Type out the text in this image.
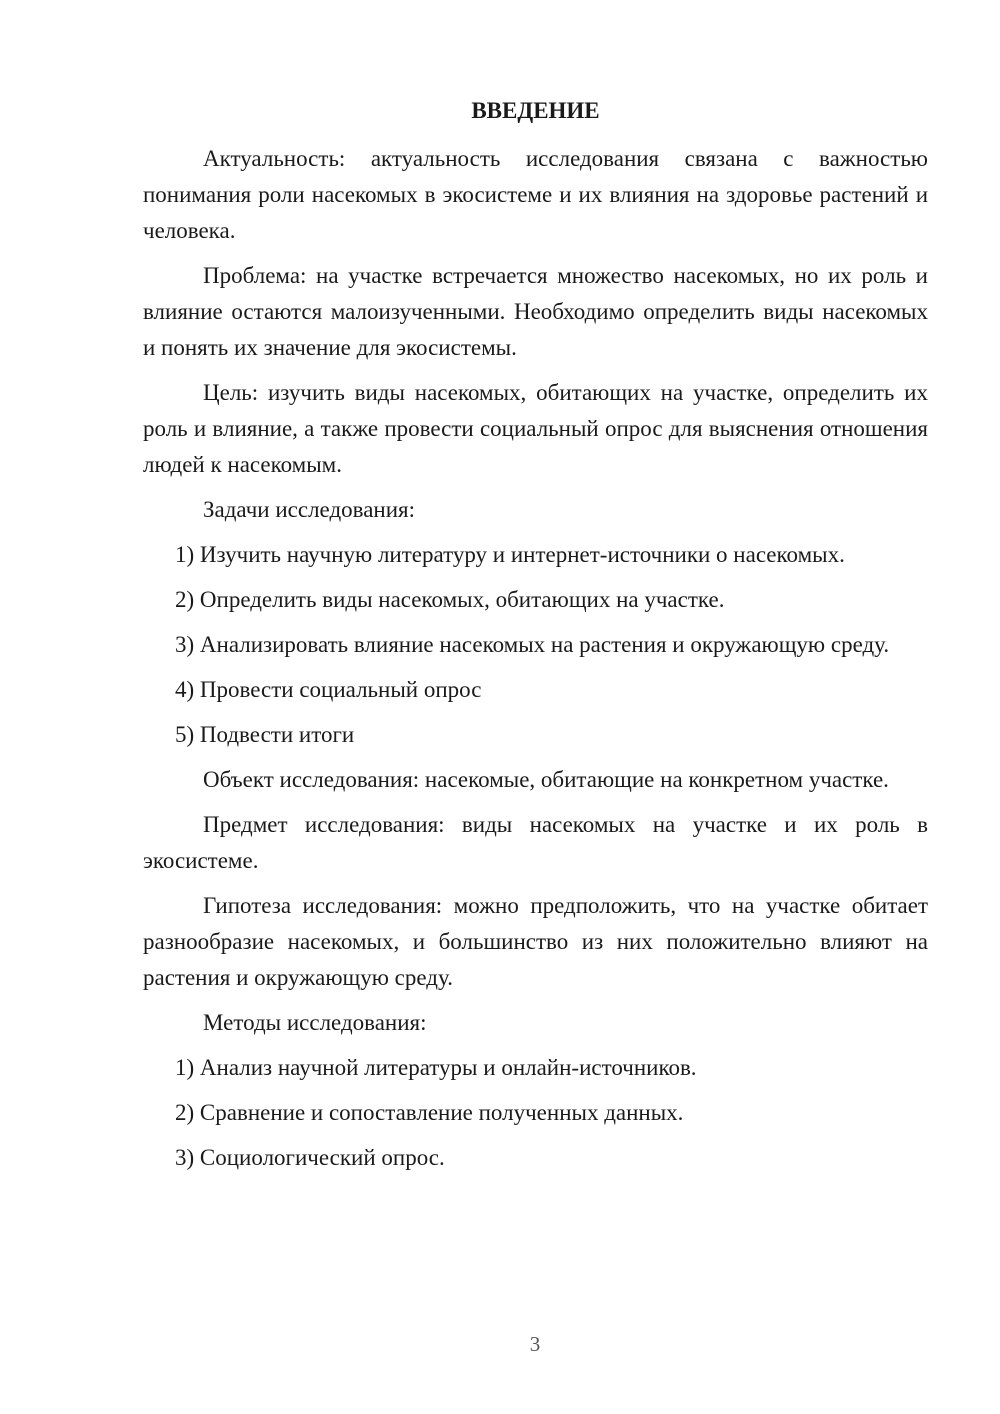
ВВЕДЕНИЕ

Актуальность: актуальность исследования связана с важностью понимания роли насекомых в экосистеме и их влияния на здоровье растений и человека.

Проблема: на участке встречается множество насекомых, но их роль и влияние остаются малоизученными. Необходимо определить виды насекомых и понять их значение для экосистемы.

Цель: изучить виды насекомых, обитающих на участке, определить их роль и влияние, а также провести социальный опрос для выяснения отношения людей к насекомым.

Задачи исследования:

1) Изучить научную литературу и интернет-источники о насекомых.

2) Определить виды насекомых, обитающих на участке.

3) Анализировать влияние насекомых на растения и окружающую среду.

4) Провести социальный опрос

5) Подвести итоги

Объект исследования: насекомые, обитающие на конкретном участке.

Предмет исследования: виды насекомых на участке и их роль в экосистеме.

Гипотеза исследования: можно предположить, что на участке обитает разнообразие насекомых, и большинство из них положительно влияют на растения и окружающую среду.

Методы исследования:

1) Анализ научной литературы и онлайн-источников.

2) Сравнение и сопоставление полученных данных.

3) Социологический опрос.

3
